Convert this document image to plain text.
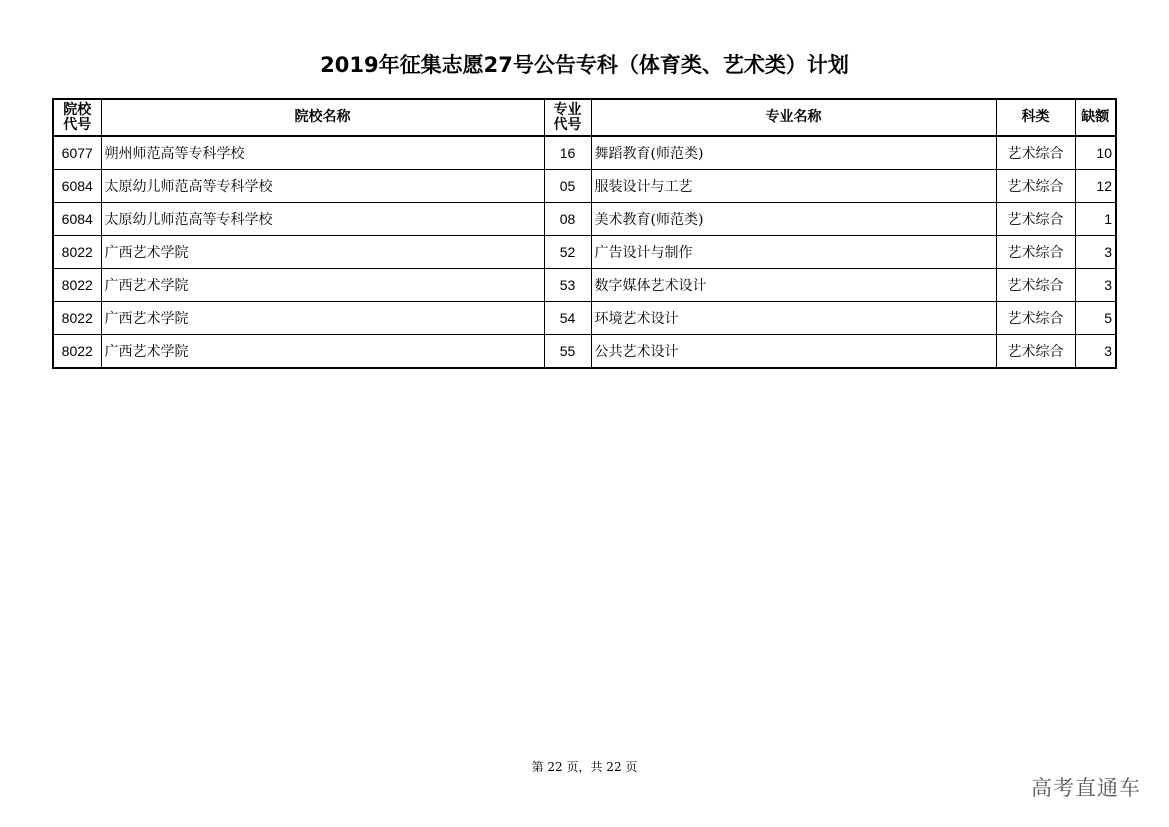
2019年征集志愿27号公告专科（体育类、艺术类）计划
院校代号	院校名称	专业代号	专业名称	科类	缺额
6077	朔州师范高等专科学校	16	舞蹈教育(师范类)	艺术综合	10
6084	太原幼儿师范高等专科学校	05	服装设计与工艺	艺术综合	12
6084	太原幼儿师范高等专科学校	08	美术教育(师范类)	艺术综合	1
8022	广西艺术学院	52	广告设计与制作	艺术综合	3
8022	广西艺术学院	53	数字媒体艺术设计	艺术综合	3
8022	广西艺术学院	54	环境艺术设计	艺术综合	5
8022	广西艺术学院	55	公共艺术设计	艺术综合	3
第 22 页，共 22 页
高考直通车
